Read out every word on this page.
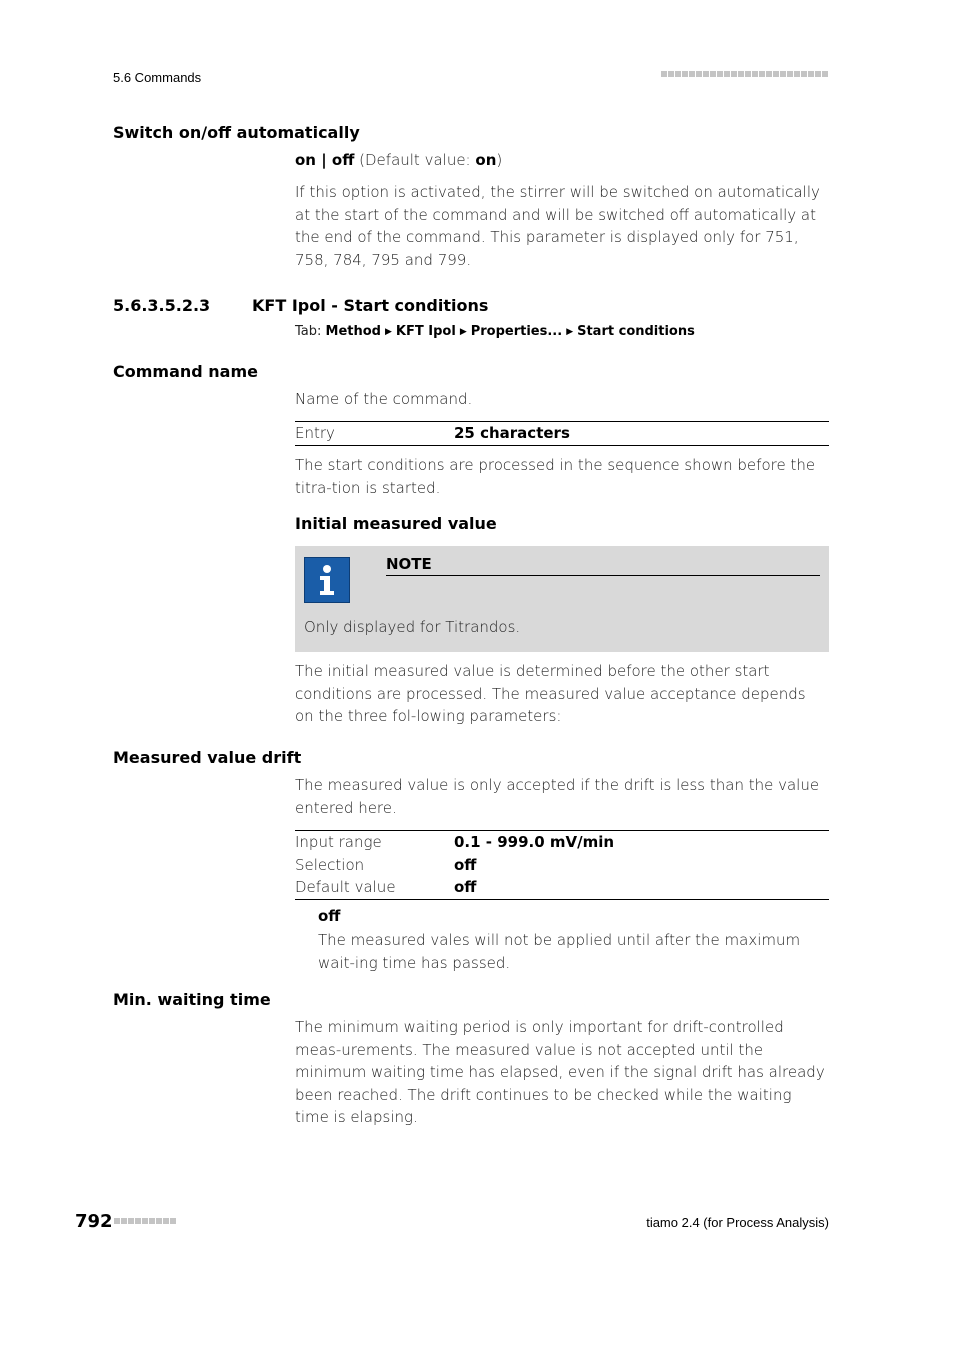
5.6 Commands
Switch on/off automatically
on | off (Default value: on)
If this option is activated, the stirrer will be switched on automatically at the start of the command and will be switched off automatically at the end of the command. This parameter is displayed only for 751, 758, 784, 795 and 799.
5.6.3.5.2.3	KFT Ipol - Start conditions
Tab: Method ▶ KFT Ipol ▶ Properties... ▶ Start conditions
Command name
Name of the command.
Entry	25 characters
The start conditions are processed in the sequence shown before the titra-tion is started.
Initial measured value
NOTE
Only displayed for Titrandos.
The initial measured value is determined before the other start conditions are processed. The measured value acceptance depends on the three fol-lowing parameters:
Measured value drift
The measured value is only accepted if the drift is less than the value entered here.
Input range	0.1 - 999.0 mV/min
Selection	off
Default value	off
off
The measured vales will not be applied until after the maximum wait-ing time has passed.
Min. waiting time
The minimum waiting period is only important for drift-controlled meas-urements. The measured value is not accepted until the minimum waiting time has elapsed, even if the signal drift has already been reached. The drift continues to be checked while the waiting time is elapsing.
792	tiamo 2.4 (for Process Analysis)
